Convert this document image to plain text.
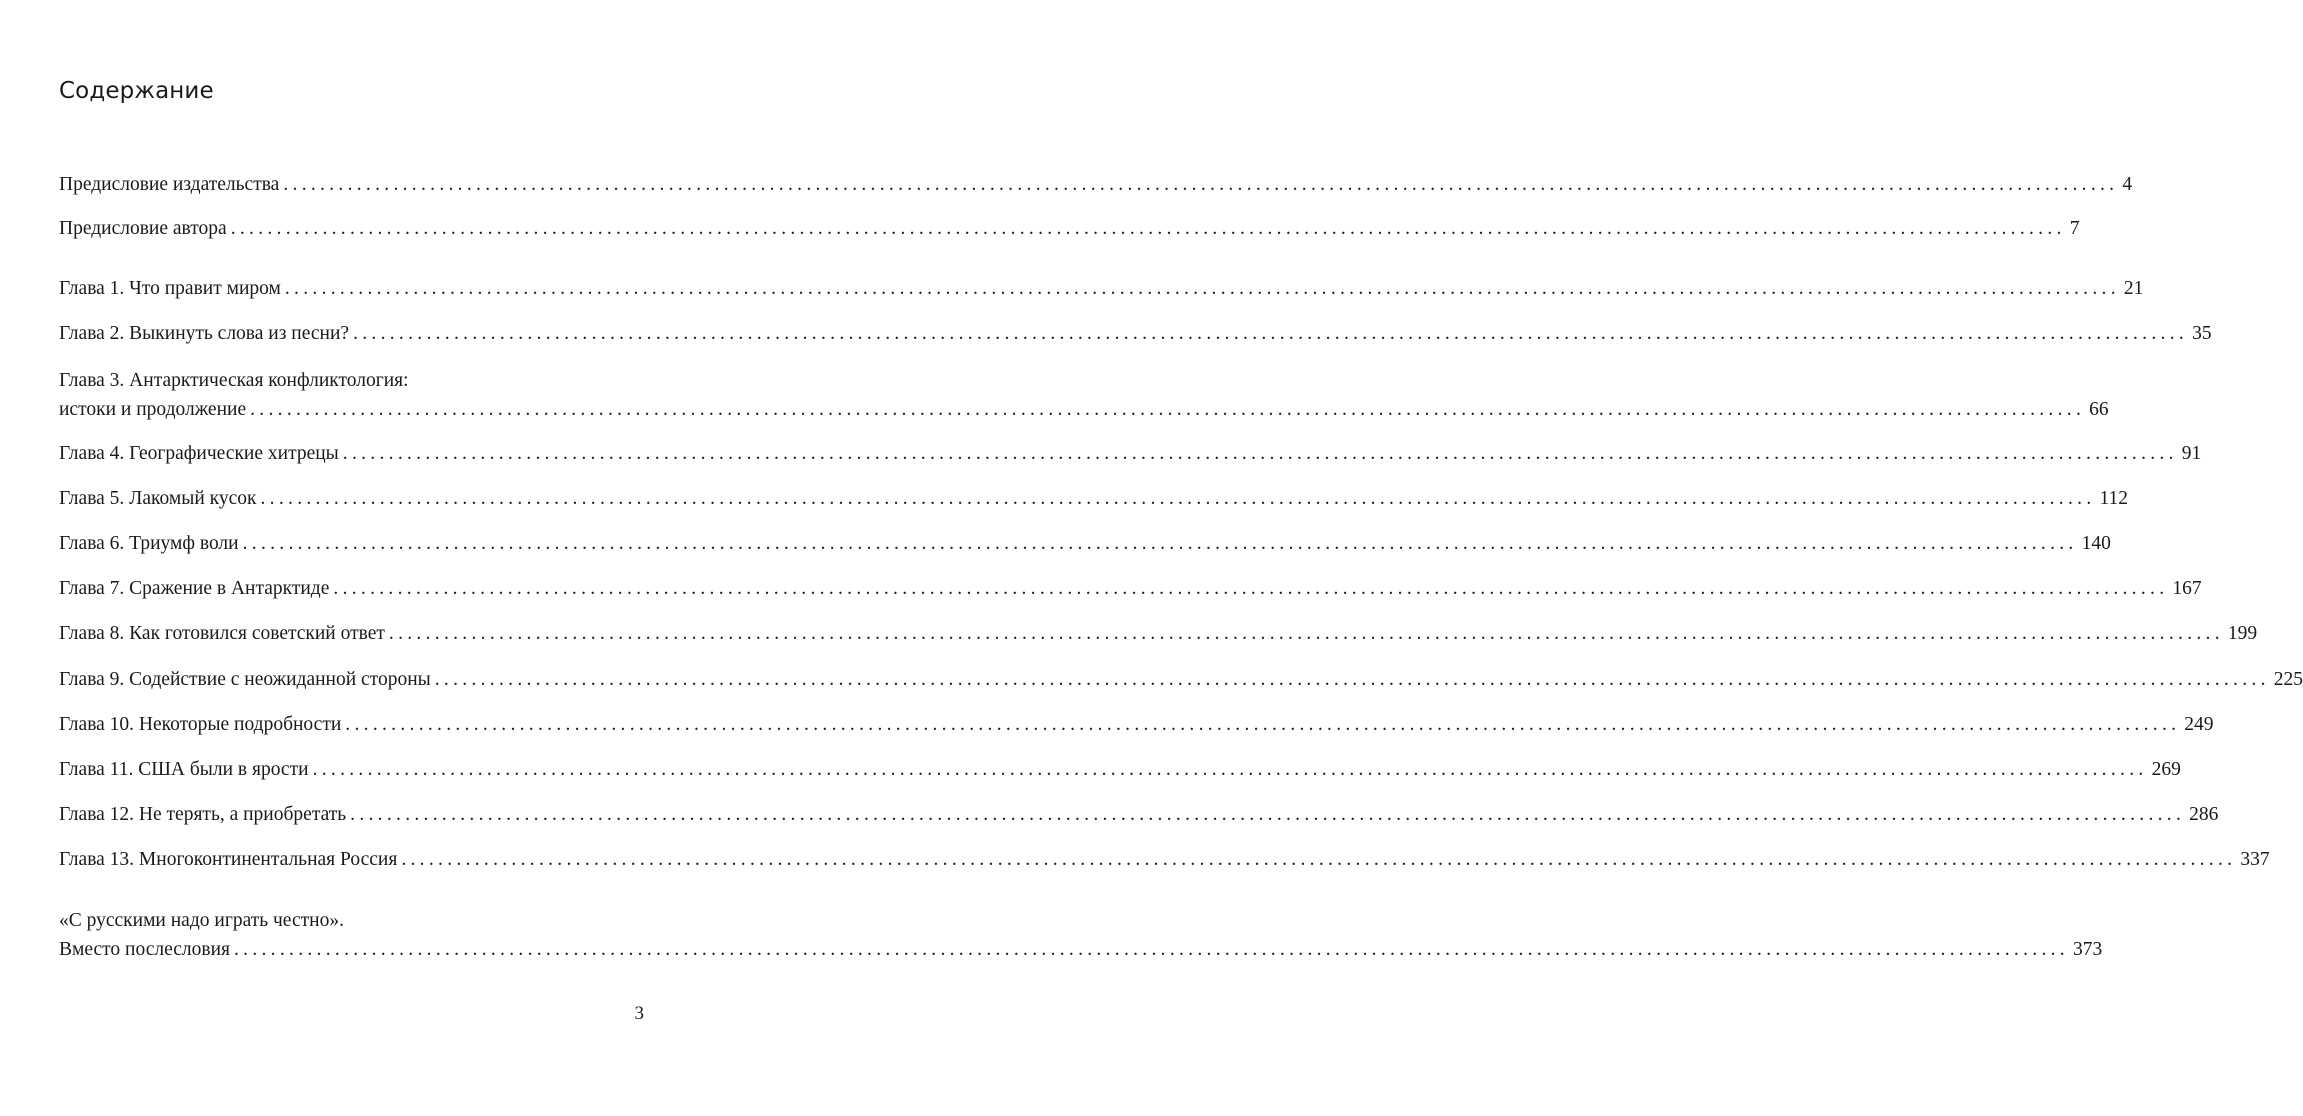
Содержание
Предисловие издательства ........................................................................................................................................................................................................ 4
Предисловие автора ........................................................................................................................................................................................................ 7
Глава 1. Что правит миром ........................................................................................................................................................................................................ 21
Глава 2. Выкинуть слова из песни? ........................................................................................................................................................................................................ 35
Глава 3. Антарктическая конфликтология:
истоки и продолжение ........................................................................................................................................................................................................ 66
Глава 4. Географические хитрецы ........................................................................................................................................................................................................ 91
Глава 5. Лакомый кусок ........................................................................................................................................................................................................ 112
Глава 6. Триумф воли ........................................................................................................................................................................................................ 140
Глава 7. Сражение в Антарктиде ........................................................................................................................................................................................................ 167
Глава 8. Как готовился советский ответ ........................................................................................................................................................................................................ 199
Глава 9. Содействие с неожиданной стороны ........................................................................................................................................................................................................ 225
Глава 10. Некоторые подробности ........................................................................................................................................................................................................ 249
Глава 11. США были в ярости ........................................................................................................................................................................................................ 269
Глава 12. Не терять, а приобретать ........................................................................................................................................................................................................ 286
Глава 13. Многоконтинентальная Россия ........................................................................................................................................................................................................ 337
«С русскими надо играть честно».
Вместо послесловия ........................................................................................................................................................................................................ 373
3
